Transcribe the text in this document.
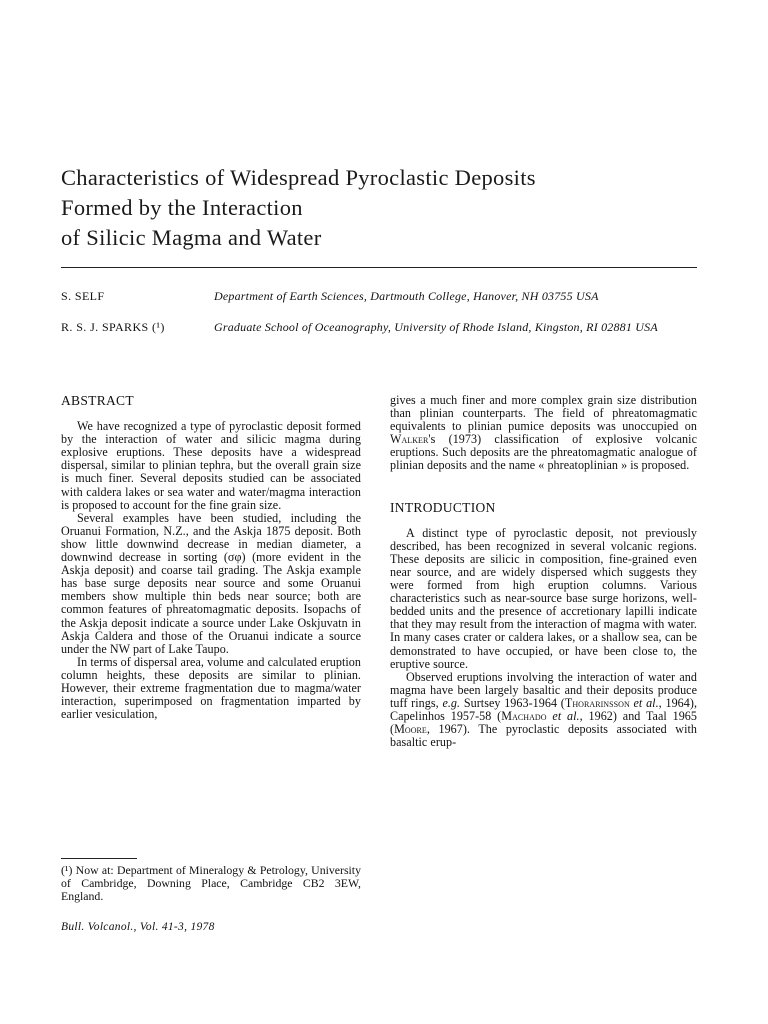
Characteristics of Widespread Pyroclastic Deposits
Formed by the Interaction
of Silicic Magma and Water
S. SELF	Department of Earth Sciences, Dartmouth College, Hanover, NH 03755 USA
R. S. J. SPARKS (¹)	Graduate School of Oceanography, University of Rhode Island, Kingston, RI 02881 USA
ABSTRACT

We have recognized a type of pyroclastic deposit formed by the interaction of water and silicic magma during explosive eruptions. These deposits have a widespread dispersal, similar to plinian tephra, but the overall grain size is much finer. Several deposits studied can be associated with caldera lakes or sea water and water/magma interaction is proposed to account for the fine grain size.

Several examples have been studied, including the Oruanui Formation, N.Z., and the Askja 1875 deposit. Both show little downwind decrease in median diameter, a downwind decrease in sorting (σφ) (more evident in the Askja deposit) and coarse tail grading. The Askja example has base surge deposits near source and some Oruanui members show multiple thin beds near source; both are common features of phreatomagmatic deposits. Isopachs of the Askja deposit indicate a source under Lake Oskjuvatn in Askja Caldera and those of the Oruanui indicate a source under the NW part of Lake Taupo.

In terms of dispersal area, volume and calculated eruption column heights, these deposits are similar to plinian. However, their extreme fragmentation due to magma/water interaction, superimposed on fragmentation imparted by earlier vesiculation,

gives a much finer and more complex grain size distribution than plinian counterparts. The field of phreatomagmatic equivalents to plinian pumice deposits was unoccupied on Walker's (1973) classification of explosive volcanic eruptions. Such deposits are the phreatomagmatic analogue of plinian deposits and the name « phreatoplinian » is proposed.

INTRODUCTION

A distinct type of pyroclastic deposit, not previously described, has been recognized in several volcanic regions. These deposits are silicic in composition, fine-grained even near source, and are widely dispersed which suggests they were formed from high eruption columns. Various characteristics such as near-source base surge horizons, well-bedded units and the presence of accretionary lapilli indicate that they may result from the interaction of magma with water. In many cases crater or caldera lakes, or a shallow sea, can be demonstrated to have occupied, or have been close to, the eruptive source.

Observed eruptions involving the interaction of water and magma have been largely basaltic and their deposits produce tuff rings, e.g. Surtsey 1963-1964 (Thorarinsson et al., 1964), Capelinhos 1957-58 (Machado et al., 1962) and Taal 1965 (Moore, 1967). The pyroclastic deposits associated with basaltic erup-

(¹) Now at: Department of Mineralogy & Petrology, University of Cambridge, Downing Place, Cambridge CB2 3EW, England.
Bull. Volcanol., Vol. 41-3, 1978
